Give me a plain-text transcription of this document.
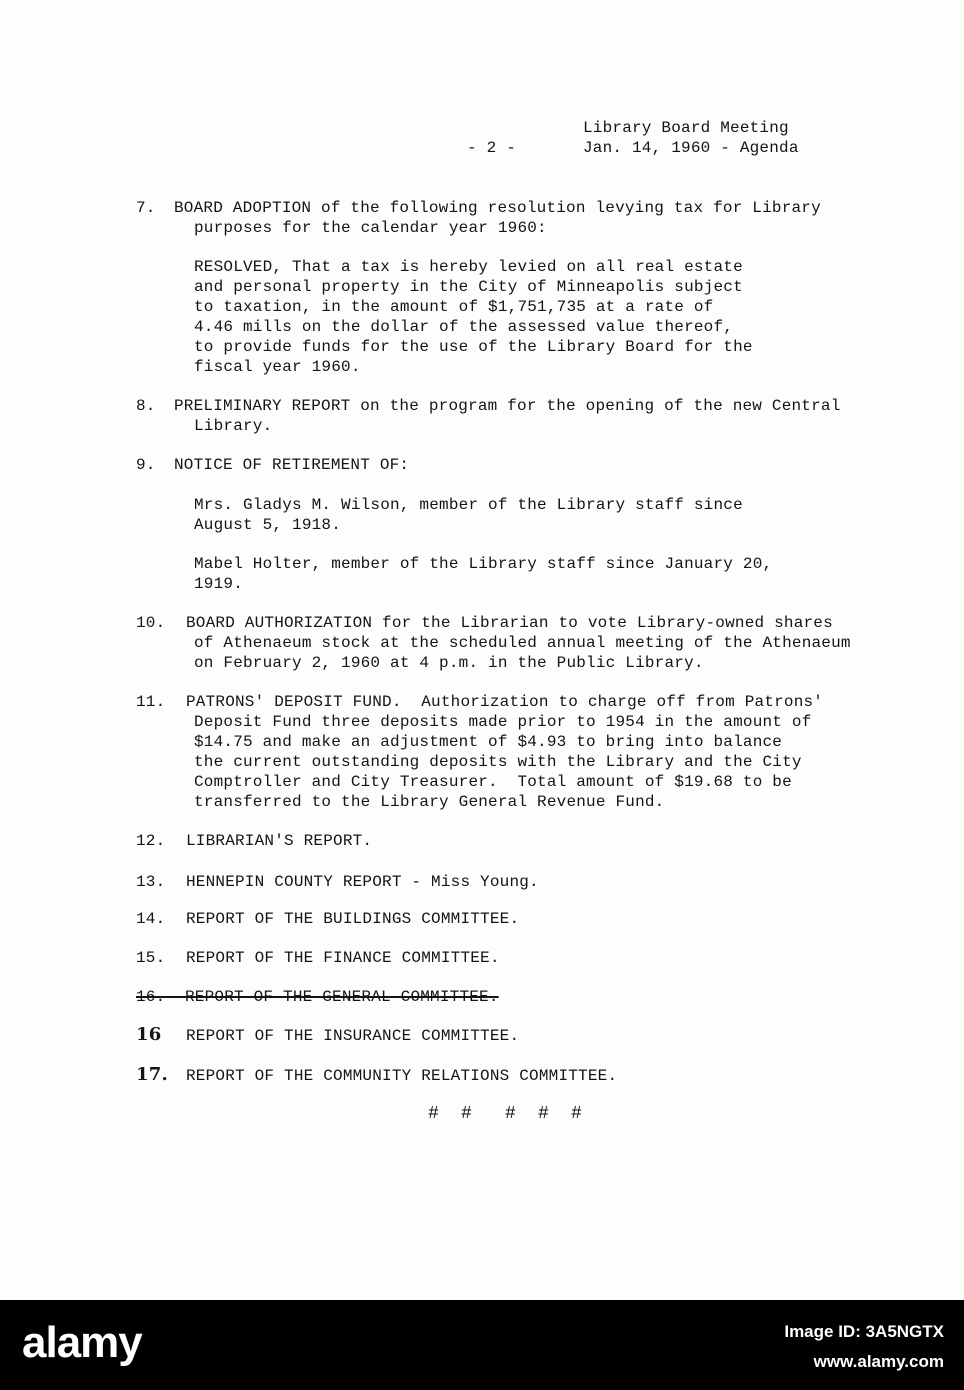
Library Board Meeting
- 2 -	Jan. 14, 1960 - Agenda
7. BOARD ADOPTION of the following resolution levying tax for Library
purposes for the calendar year 1960:
RESOLVED, That a tax is hereby levied on all real estate
and personal property in the City of Minneapolis subject
to taxation, in the amount of $1,751,735 at a rate of
4.46 mills on the dollar of the assessed value thereof,
to provide funds for the use of the Library Board for the
fiscal year 1960.
8. PRELIMINARY REPORT on the program for the opening of the new Central
Library.
9. NOTICE OF RETIREMENT OF:
Mrs. Gladys M. Wilson, member of the Library staff since
August 5, 1918.
Mabel Holter, member of the Library staff since January 20,
1919.
10. BOARD AUTHORIZATION for the Librarian to vote Library-owned shares
of Athenaeum stock at the scheduled annual meeting of the Athenaeum
on February 2, 1960 at 4 p.m. in the Public Library.
11. PATRONS' DEPOSIT FUND.  Authorization to charge off from Patrons'
Deposit Fund three deposits made prior to 1954 in the amount of
$14.75 and make an adjustment of $4.93 to bring into balance
the current outstanding deposits with the Library and the City
Comptroller and City Treasurer.  Total amount of $19.68 to be
transferred to the Library General Revenue Fund.
12. LIBRARIAN'S REPORT.
13. HENNEPIN COUNTY REPORT - Miss Young.
14. REPORT OF THE BUILDINGS COMMITTEE.
15. REPORT OF THE FINANCE COMMITTEE.
16.  REPORT OF THE GENERAL COMMITTEE.
16 REPORT OF THE INSURANCE COMMITTEE.
17. REPORT OF THE COMMUNITY RELATIONS COMMITTEE.
#  #   #  #  #
alamy	Image ID: 3A5NGTX
www.alamy.com
